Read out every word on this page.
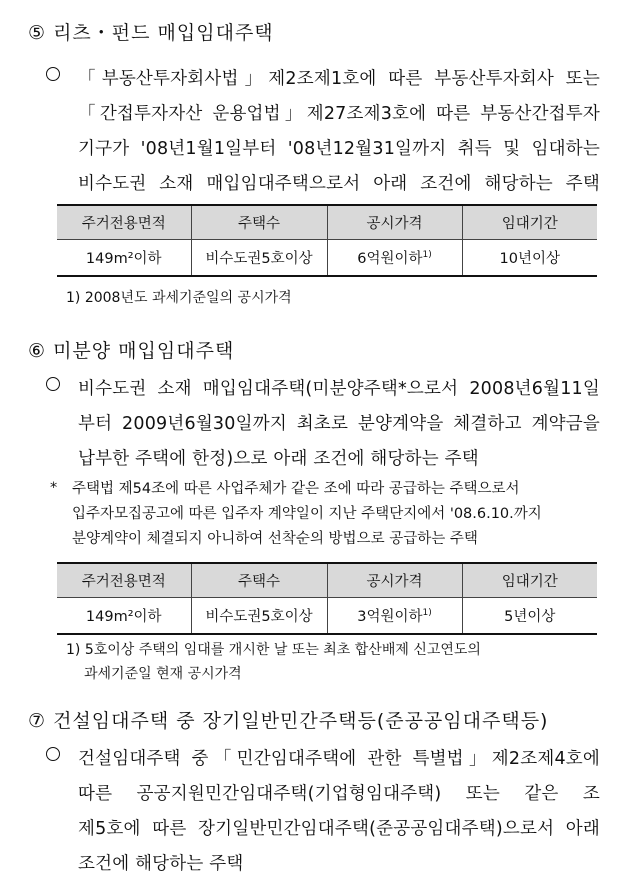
⑤ 리츠・펀드 매입임대주택
「부동산투자회사법」제2조제1호에 따른 부동산투자회사 또는
「간접투자자산 운용업법」제27조제3호에 따른 부동산간접투자
기구가 '08년1월1일부터 '08년12월31일까지 취득 및 임대하는
비수도권 소재 매입임대주택으로서 아래 조건에 해당하는 주택
주거전용면적	주택수	공시가격	임대기간
149m²이하	비수도권5호이상	6억원이하$^{1)}$	10년이상
1) 2008년도 과세기준일의 공시가격
⑥ 미분양 매입임대주택
비수도권 소재 매입임대주택(미분양주택*으로서 2008년6월11일
부터 2009년6월30일까지 최초로 분양계약을 체결하고 계약금을
납부한 주택에 한정)으로 아래 조건에 해당하는 주택
* 주택법 제54조에 따른 사업주체가 같은 조에 따라 공급하는 주택으로서
입주자모집공고에 따른 입주자 계약일이 지난 주택단지에서 '08.6.10.까지
분양계약이 체결되지 아니하여 선착순의 방법으로 공급하는 주택
주거전용면적	주택수	공시가격	임대기간
149m²이하	비수도권5호이상	3억원이하$^{1)}$	5년이상
1) 5호이상 주택의 임대를 개시한 날 또는 최초 합산배제 신고연도의
과세기준일 현재 공시가격
⑦ 건설임대주택 중 장기일반민간주택등(준공공임대주택등)
건설임대주택 중「민간임대주택에 관한 특별법」제2조제4호에
따른 공공지원민간임대주택(기업형임대주택) 또는 같은 조
제5호에 따른 장기일반민간임대주택(준공공임대주택)으로서 아래
조건에 해당하는 주택
